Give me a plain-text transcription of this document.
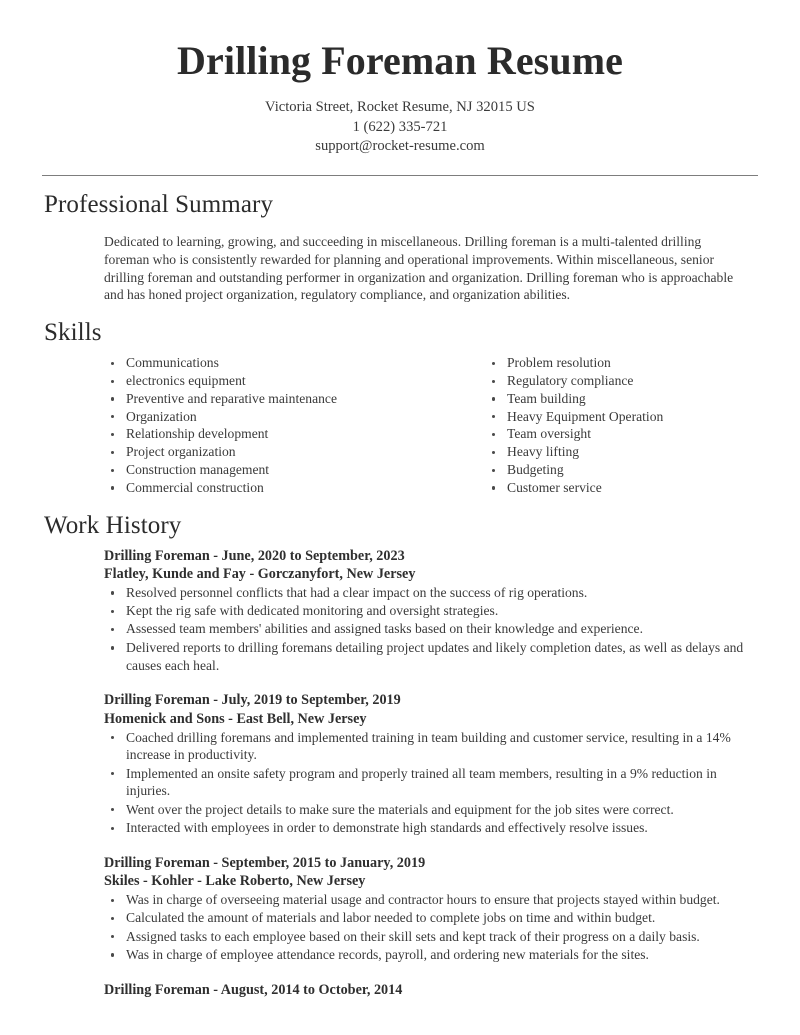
Drilling Foreman Resume
Victoria Street, Rocket Resume, NJ 32015 US
1 (622) 335-721
support@rocket-resume.com
Professional Summary

Dedicated to learning, growing, and succeeding in miscellaneous. Drilling foreman is a multi-talented drilling foreman who is consistently rewarded for planning and operational improvements. Within miscellaneous, senior drilling foreman and outstanding performer in organization and organization. Drilling foreman who is approachable and has honed project organization, regulatory compliance, and organization abilities.

Skills
Communications
electronics equipment
Preventive and reparative maintenance
Organization
Relationship development
Project organization
Construction management
Commercial construction
Problem resolution
Regulatory compliance
Team building
Heavy Equipment Operation
Team oversight
Heavy lifting
Budgeting
Customer service
Work History
Drilling Foreman - June, 2020 to September, 2023
Flatley, Kunde and Fay - Gorczanyfort, New Jersey
Resolved personnel conflicts that had a clear impact on the success of rig operations.
Kept the rig safe with dedicated monitoring and oversight strategies.
Assessed team members' abilities and assigned tasks based on their knowledge and experience.
Delivered reports to drilling foremans detailing project updates and likely completion dates, as well as delays and causes each heal.
Drilling Foreman - July, 2019 to September, 2019
Homenick and Sons - East Bell, New Jersey
Coached drilling foremans and implemented training in team building and customer service, resulting in a 14% increase in productivity.
Implemented an onsite safety program and properly trained all team members, resulting in a 9% reduction in injuries.
Went over the project details to make sure the materials and equipment for the job sites were correct.
Interacted with employees in order to demonstrate high standards and effectively resolve issues.
Drilling Foreman - September, 2015 to January, 2019
Skiles - Kohler - Lake Roberto, New Jersey
Was in charge of overseeing material usage and contractor hours to ensure that projects stayed within budget.
Calculated the amount of materials and labor needed to complete jobs on time and within budget.
Assigned tasks to each employee based on their skill sets and kept track of their progress on a daily basis.
Was in charge of employee attendance records, payroll, and ordering new materials for the sites.
Drilling Foreman - August, 2014 to October, 2014
